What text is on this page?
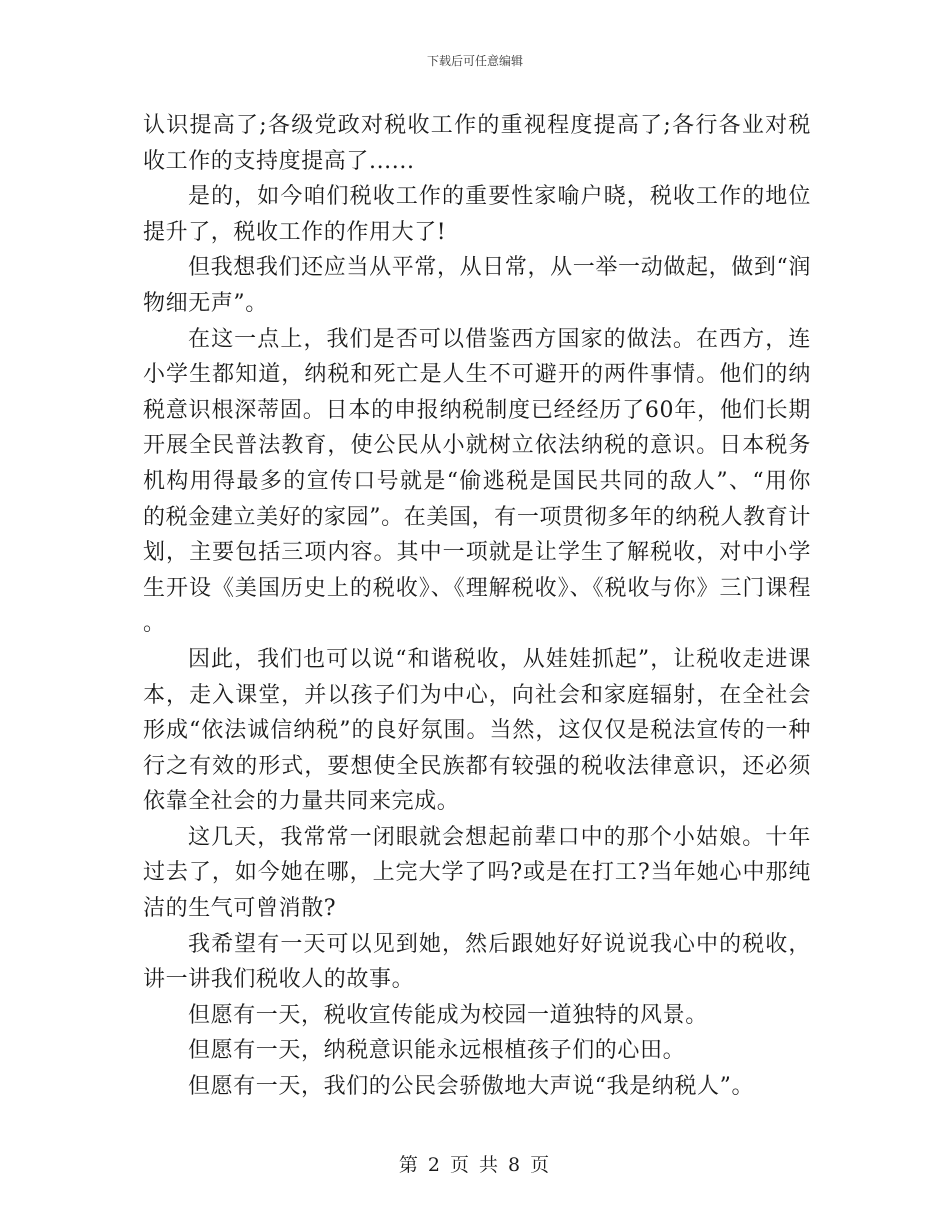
下载后可任意编辑

认识提高了;各级党政对税收工作的重视程度提高了;各行各业对税收工作的支持度提高了......

是的，如今咱们税收工作的重要性家喻户晓，税收工作的地位提升了，税收工作的作用大了!

但我想我们还应当从平常，从日常，从一举一动做起，做到“润物细无声”。

在这一点上，我们是否可以借鉴西方国家的做法。在西方，连小学生都知道，纳税和死亡是人生不可避开的两件事情。他们的纳税意识根深蒂固。日本的申报纳税制度已经经历了60年，他们长期开展全民普法教育，使公民从小就树立依法纳税的意识。日本税务机构用得最多的宣传口号就是“偷逃税是国民共同的敌人”、“用你的税金建立美好的家园”。在美国，有一项贯彻多年的纳税人教育计划，主要包括三项内容。其中一项就是让学生了解税收，对中小学生开设《美国历史上的税收》、《理解税收》、《税收与你》三门课程。

因此，我们也可以说“和谐税收，从娃娃抓起”，让税收走进课本，走入课堂，并以孩子们为中心，向社会和家庭辐射，在全社会形成“依法诚信纳税”的良好氛围。当然，这仅仅是税法宣传的一种行之有效的形式，要想使全民族都有较强的税收法律意识，还必须依靠全社会的力量共同来完成。

这几天，我常常一闭眼就会想起前辈口中的那个小姑娘。十年过去了，如今她在哪，上完大学了吗?或是在打工?当年她心中那纯洁的生气可曾消散?

我希望有一天可以见到她，然后跟她好好说说我心中的税收，讲一讲我们税收人的故事。

但愿有一天，税收宣传能成为校园一道独特的风景。

但愿有一天，纳税意识能永远根植孩子们的心田。

但愿有一天，我们的公民会骄傲地大声说“我是纳税人”。

第 2 页 共 8 页
